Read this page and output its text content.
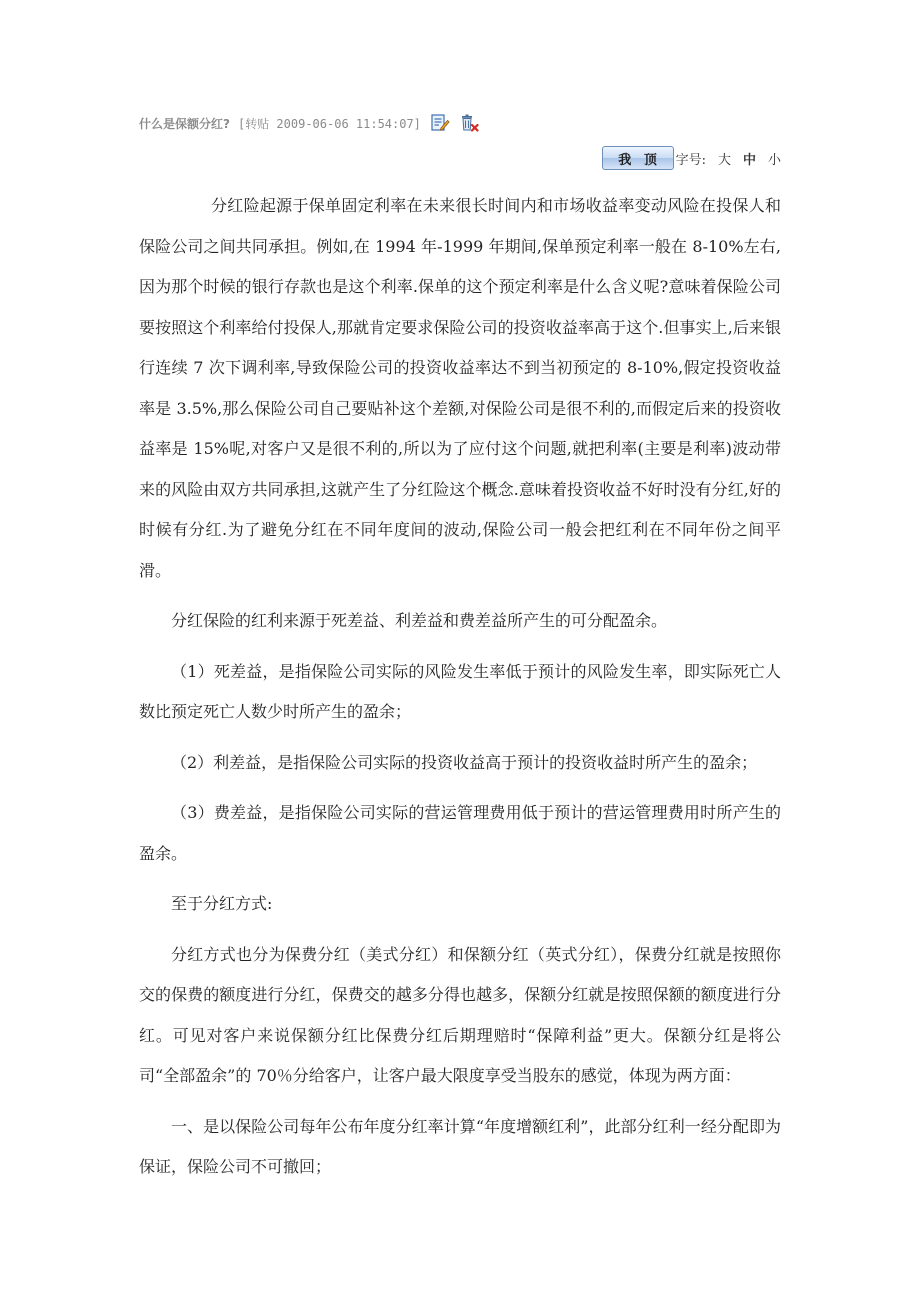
什么是保额分红? [转贴 2009-06-06 11:54:07]
我 顶	字号: 大 中 小

分红险起源于保单固定利率在未来很长时间内和市场收益率变动风险在投保人和保险公司之间共同承担。例如,在 1994 年-1999 年期间,保单预定利率一般在 8-10%左右,因为那个时候的银行存款也是这个利率.保单的这个预定利率是什么含义呢?意味着保险公司要按照这个利率给付投保人,那就肯定要求保险公司的投资收益率高于这个.但事实上,后来银行连续 7 次下调利率,导致保险公司的投资收益率达不到当初预定的 8-10%,假定投资收益率是 3.5%,那么保险公司自己要贴补这个差额,对保险公司是很不利的,而假定后来的投资收益率是 15%呢,对客户又是很不利的,所以为了应付这个问题,就把利率(主要是利率)波动带来的风险由双方共同承担,这就产生了分红险这个概念.意味着投资收益不好时没有分红,好的时候有分红.为了避免分红在不同年度间的波动,保险公司一般会把红利在不同年份之间平滑。

分红保险的红利来源于死差益、利差益和费差益所产生的可分配盈余。

（1）死差益，是指保险公司实际的风险发生率低于预计的风险发生率，即实际死亡人数比预定死亡人数少时所产生的盈余；

（2）利差益，是指保险公司实际的投资收益高于预计的投资收益时所产生的盈余；

（3）费差益，是指保险公司实际的营运管理费用低于预计的营运管理费用时所产生的盈余。

至于分红方式:

分红方式也分为保费分红（美式分红）和保额分红（英式分红），保费分红就是按照你交的保费的额度进行分红，保费交的越多分得也越多，保额分红就是按照保额的额度进行分红。可见对客户来说保额分红比保费分红后期理赔时“保障利益”更大。保额分红是将公司“全部盈余”的 70％分给客户，让客户最大限度享受当股东的感觉，体现为两方面：

一、是以保险公司每年公布年度分红率计算“年度增额红利”，此部分红利一经分配即为保证，保险公司不可撤回；
